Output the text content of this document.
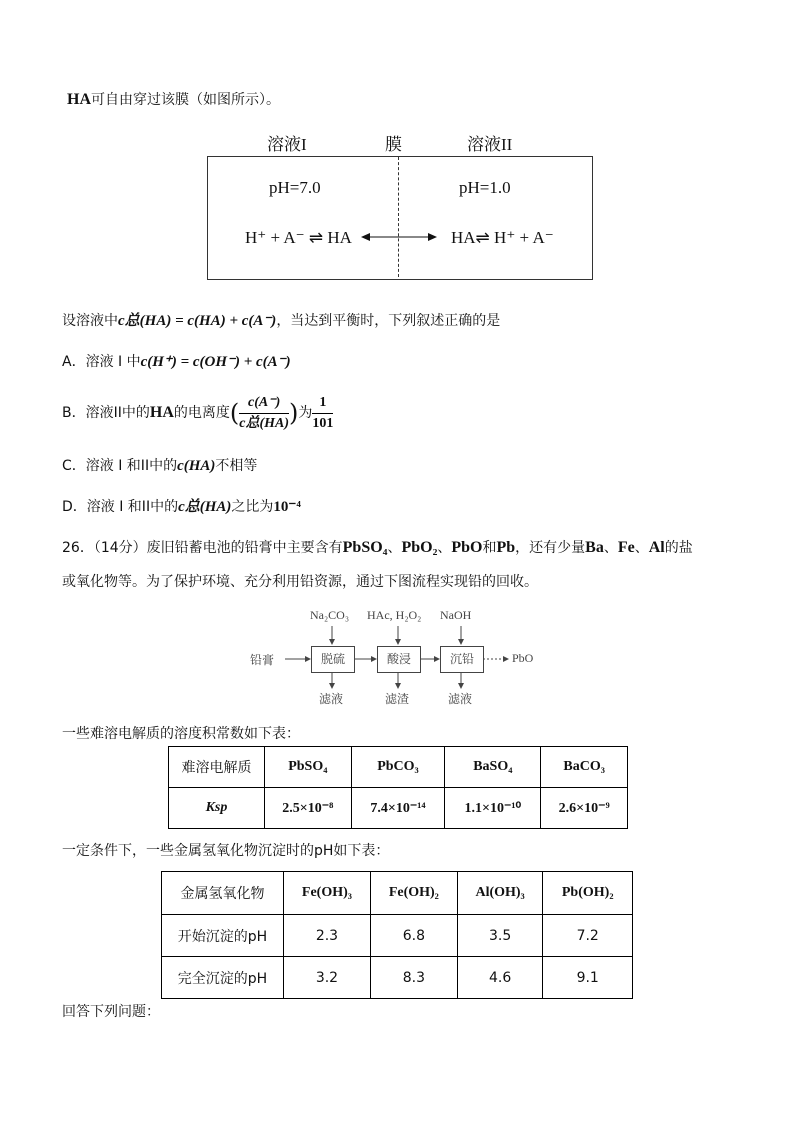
HA可自由穿过该膜（如图所示）。
溶液I	膜	溶液II
pH=7.0	pH=1.0
H⁺ + A⁻ ⇌ HA	HA⇌ H⁺ + A⁻
设溶液中c总(HA) = c(HA) + c(A⁻)，当达到平衡时，下列叙述正确的是
A．溶液 I 中c(H⁺) = c(OH⁻) + c(A⁻)
B．溶液II中的HA的电离度( $\frac{c(A^-)}{\text{c总(HA)}}$ )为 $\frac{1}{101}$
C．溶液 I 和II中的c(HA)不相等
D．溶液 I 和II中的c总(HA)之比为10⁻⁴
26．（14分）废旧铅蓄电池的铅膏中主要含有PbSO₄、PbO₂、PbO和Pb，还有少量Ba、Fe、Al的盐
或氧化物等。为了保护环境、充分利用铅资源，通过下图流程实现铅的回收。
铅膏	脱硫	酸浸	沉铅	PbO
Na₂CO₃ HAc, H₂O₂ NaOH
滤液	滤渣	滤液
一些难溶电解质的溶度积常数如下表：
难溶电解质	PbSO₄	PbCO₃	BaSO₄	BaCO₃
Ksp	2.5×10⁻⁸	7.4×10⁻¹⁴	1.1×10⁻¹⁰	2.6×10⁻⁹
一定条件下，一些金属氢氧化物沉淀时的pH如下表：
金属氢氧化物	Fe(OH)₃	Fe(OH)₂	Al(OH)₃	Pb(OH)₂
开始沉淀的pH	2.3	6.8	3.5	7.2
完全沉淀的pH	3.2	8.3	4.6	9.1
回答下列问题：
